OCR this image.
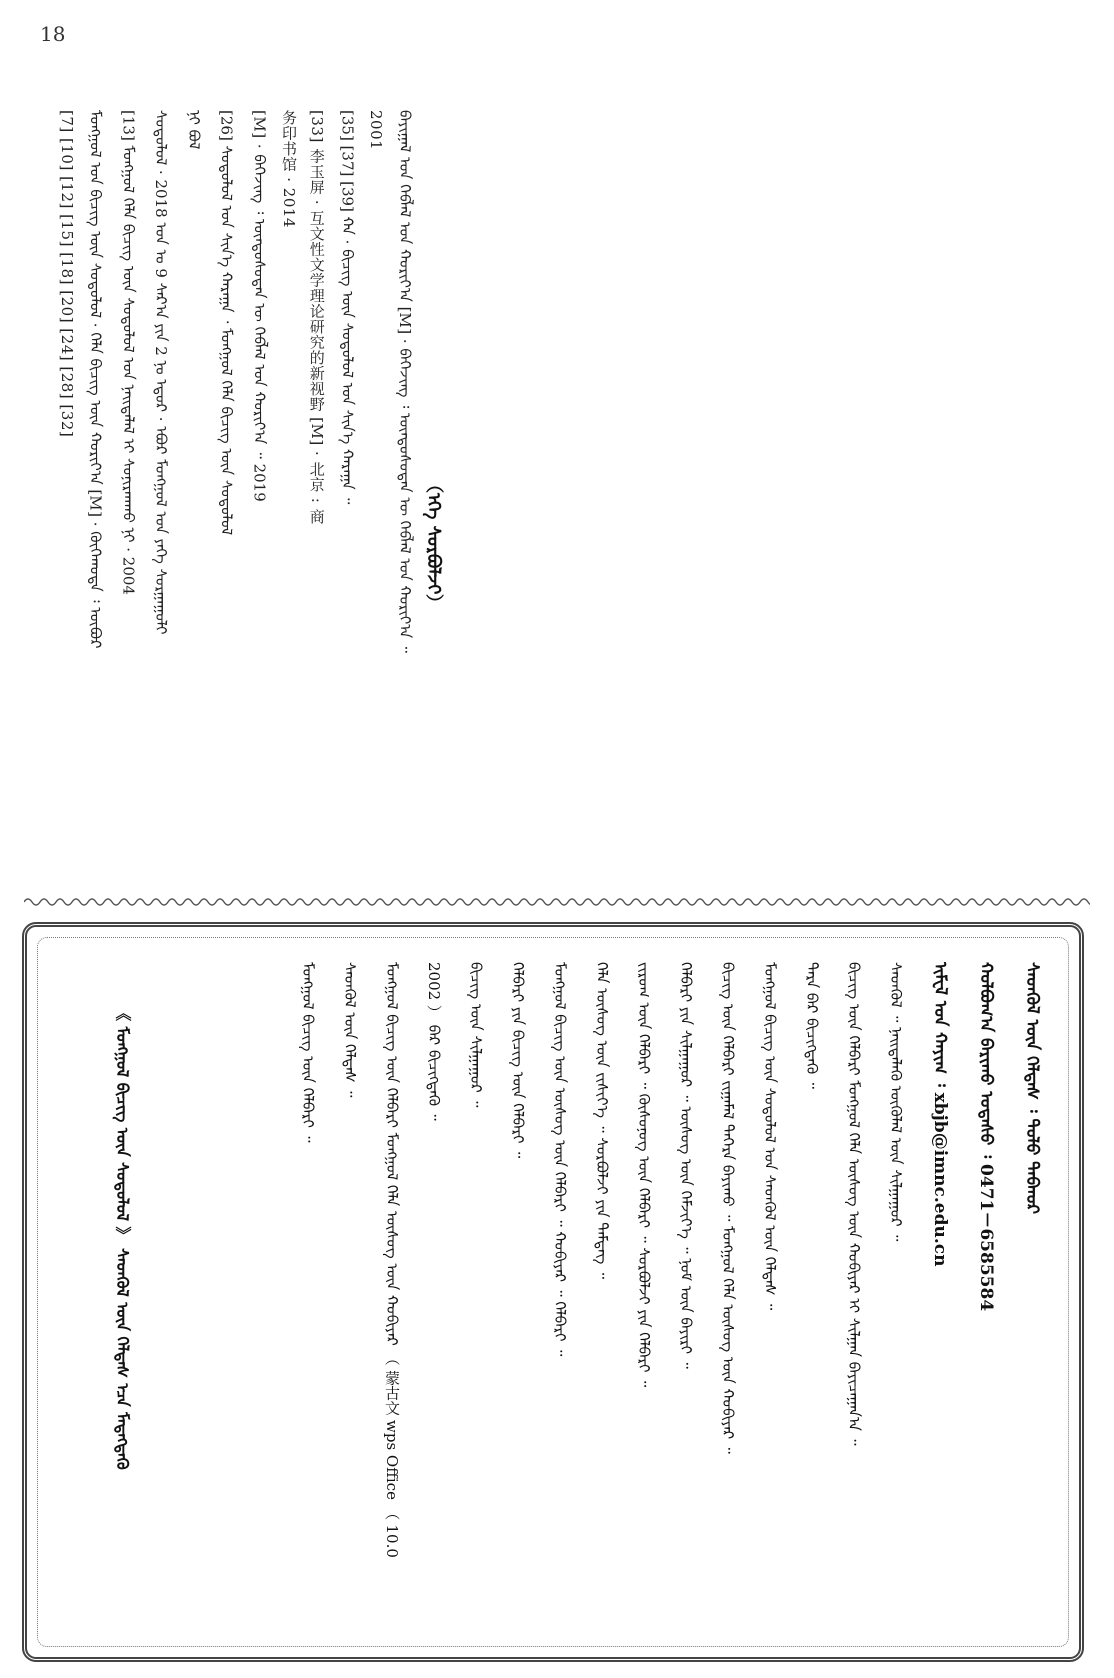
18
（ᠡᠬᠡ ᠰᠤᠷᠪᠤᠯᠵᠢ）
ᠪᠠᠶᠢᠭᠠᠯ ᠤᠨ ᠬᠡᠪᠯᠡᠯ ᠤᠨ ᠬᠣᠷᠢᠶ᠎ᠠ [M] · ᠪᠡᠭᠡᠵᠢᠩ ᠄ ᠦᠨᠳᠦᠰᠦᠲᠡᠨ ᠦ ᠬᠡᠪᠯᠡᠯ ᠤᠨ ᠬᠣᠷᠢᠶ᠎ᠠ ᠃
2001
[35] [37] [39] ᠬᠠ · ᠪᠢᠴᠢᠭ ᠦᠨ ᠰᠤᠳᠤᠯᠤᠯ ᠤᠨ ᠰᠢᠨ᠎ᠡ ᠬᠠᠷᠠᠭᠠ ᠃
[33] 李玉屏 · 互文性文学理论研究的新视野 [M] · 北京 : 商
务印书馆 · 2014
[M] · ᠪᠡᠭᠡᠵᠢᠩ ᠄ ᠦᠨᠳᠦᠰᠦᠲᠡᠨ ᠦ ᠬᠡᠪᠯᠡᠯ ᠤᠨ ᠬᠣᠷᠢᠶ᠎ᠠ ᠃ 2019
[26] ᠰᠤᠳᠤᠯᠤᠯ ᠤᠨ ᠰᠢᠨ᠎ᠡ ᠬᠠᠷᠠᠭᠠ ᠂ ᠮᠣᠩᠭᠣᠯ ᠬᠡᠯᠡ ᠪᠢᠴᠢᠭ ᠦᠨ ᠰᠤᠳᠤᠯᠤᠯ
ᠨᠢ ᠪᠣᠯ
ᠰᠤᠳᠤᠯᠤᠯ · 2018 ᠣᠨ ᠤ 9 ᠰᠠᠷ᠎ᠠ ᠶᠢᠨ 2 ᠨᠤ ᠡᠳᠦᠷ · ᠡᠪᠦᠷ ᠮᠣᠩᠭᠣᠯ ᠤᠨ ᠶᠡᠬᠡ ᠰᠤᠷᠭᠠᠭᠤᠯᠢ
[13] ᠮᠣᠩᠭᠣᠯ ᠬᠡᠯᠡ ᠪᠢᠴᠢᠭ ᠦᠨ ᠰᠤᠳᠤᠯᠤᠯ ᠤᠨ ᠨᠡᠢᠲᠡᠯᠡᠯ ᠢ ᠰᠣᠨᠢᠷᠬᠠᠬᠤ ᠨᠢ · 2004
ᠮᠣᠩᠭᠣᠯ ᠤᠨ ᠪᠢᠴᠢᠭ ᠦᠨ ᠰᠤᠳᠤᠯᠤᠯ · ᠬᠡᠯᠡ ᠪᠢᠴᠢᠭ ᠦᠨ ᠬᠣᠷᠢᠶ᠎ᠠ [M] · ᠬᠥᠬᠡᠬᠣᠲᠠ ᠄ ᠥᠪᠥᠷ
[7] [10] [12] [15] [18] [20] [24] [28] [32]
ᠰᠡᠳᠬᠦᠯ ᠦᠨ ᠬᠡᠯᠲᠡᠰ ᠄ ᠳᠤᠯᠤ ᠳᠠᠪᠬᠤᠷ
ᠬᠣᠯᠪᠣᠭ᠎ᠠ ᠪᠠᠷᠢᠬᠤ ᠤᠲᠠᠰᠤ ᠄ 0471－6585584
ᠢᠮᠸᠯ ᠤᠨ ᠬᠠᠶᠢᠭ ᠄ xbjb@imnc.edu.cn
ᠰᠡᠳᠬᠦᠯ ᠃ ᠨᠡᠢᠲᠡᠯᠡᠬᠦ ᠥᠭᠦᠯᠡᠯ ᠦᠨ ᠰᠢᠯᠭᠠᠭᠤᠷ ᠃
ᠪᠢᠴᠢᠭ ᠦᠨ ᠬᠡᠯᠪᠡᠷᠢ ᠮᠣᠩᠭᠣᠯ ᠬᠡᠯᠡ ᠦᠰᠦᠭ ᠦᠨ ᠬᠤᠪᠢᠶᠠᠷ ᠢ ᠰᠢᠯᠭᠠᠨ ᠪᠠᠶᠢᠴᠠᠭᠠᠨ᠎ᠠ ᠃
ᠲᠡᠷᠡ ᠪᠡᠷ ᠪᠢᠴᠢᠭᠳᠡᠬᠦ ᠃
ᠮᠣᠩᠭᠣᠯ ᠪᠢᠴᠢᠭ ᠦᠨ ᠰᠤᠳᠤᠯᠤᠯ ᠤᠨ ᠰᠡᠳᠬᠦᠯ ᠦᠨ ᠬᠡᠯᠲᠡᠰ ᠃
ᠪᠢᠴᠢᠭ ᠦᠨ ᠬᠡᠯᠪᠡᠷᠢ ᠵᠢᠭᠠᠮᠠᠯ ᠳᠡᠭᠡᠷᠡ ᠪᠠᠶᠢᠬᠤ ᠃ ᠮᠣᠩᠭᠣᠯ ᠬᠡᠯᠡ ᠦᠰᠦᠭ ᠦᠨ ᠬᠤᠪᠢᠶᠠᠷ ᠃
ᠬᠡᠯᠪᠡᠷᠢ ᠶᠢᠨ ᠰᠢᠯᠭᠠᠭᠤᠷ ᠃ ᠦᠰᠦᠭ ᠦᠨ ᠬᠡᠮᠵᠢᠶ᠎ᠡ ᠃ ᠨᠣᠮ ᠦᠨ ᠪᠠᠶᠢᠷᠢ ᠃
ᠵᠢᠷᠤᠭ ᠦᠨ ᠬᠡᠯᠪᠡᠷᠢ ᠃ ᠬᠦᠰᠦᠨᠦᠭ ᠦᠨ ᠬᠡᠯᠪᠡᠷᠢ ᠃ ᠰᠤᠷᠪᠤᠯᠵᠢ ᠶᠢᠨ ᠬᠡᠯᠪᠡᠷᠢ ᠃
ᠬᠡᠯᠡ ᠦᠰᠦᠭ ᠦᠨ ᠵᠢᠰᠢᠶ᠎ᠡ ᠃ ᠰᠤᠷᠪᠤᠯᠵᠢ ᠶᠢᠨ ᠲᠡᠮᠳᠡᠭ ᠃
ᠮᠣᠩᠭᠣᠯ ᠪᠢᠴᠢᠭ ᠦᠨ ᠦᠰᠦᠭ ᠦᠨ ᠬᠡᠯᠪᠡᠷᠢ ᠃ ᠬᠤᠪᠢᠶᠠᠷ ᠃ ᠬᠡᠯᠪᠡᠷᠢ ᠃
ᠬᠡᠯᠪᠡᠷᠢ ᠶᠢᠨ ᠪᠢᠴᠢᠭ ᠦᠨ ᠬᠡᠯᠪᠡᠷᠢ ᠃
ᠪᠢᠴᠢᠭ ᠦᠨ ᠰᠢᠯᠭᠠᠭᠤᠷ ᠃
2002 ） ᠪᠡᠷ ᠪᠢᠴᠢᠭᠳᠡᠬᠦ ᠃
ᠮᠣᠩᠭᠣᠯ ᠪᠢᠴᠢᠭ ᠦᠨ ᠬᠡᠯᠪᠡᠷᠢ ᠮᠣᠩᠭᠣᠯ ᠬᠡᠯᠡ ᠦᠰᠦᠭ ᠦᠨ ᠬᠤᠪᠢᠶᠠᠷ （ 蒙古文 wps Office （ 10.0
ᠰᠡᠳᠬᠦᠯ ᠦᠨ ᠬᠡᠯᠲᠡᠰ ᠃
ᠮᠣᠩᠭᠣᠯ ᠪᠢᠴᠢᠭ ᠦᠨ ᠬᠡᠯᠪᠡᠷᠢ ᠃
《 ᠮᠣᠩᠭᠣᠯ ᠪᠢᠴᠢᠭ ᠦᠨ ᠰᠤᠳᠤᠯᠤᠯ 》 ᠰᠡᠳᠬᠦᠯ ᠦᠨ ᠬᠡᠯᠲᠡᠰ ᠡᠴᠡ ᠮᠡᠳᠡᠭᠳᠡᠬᠦ
